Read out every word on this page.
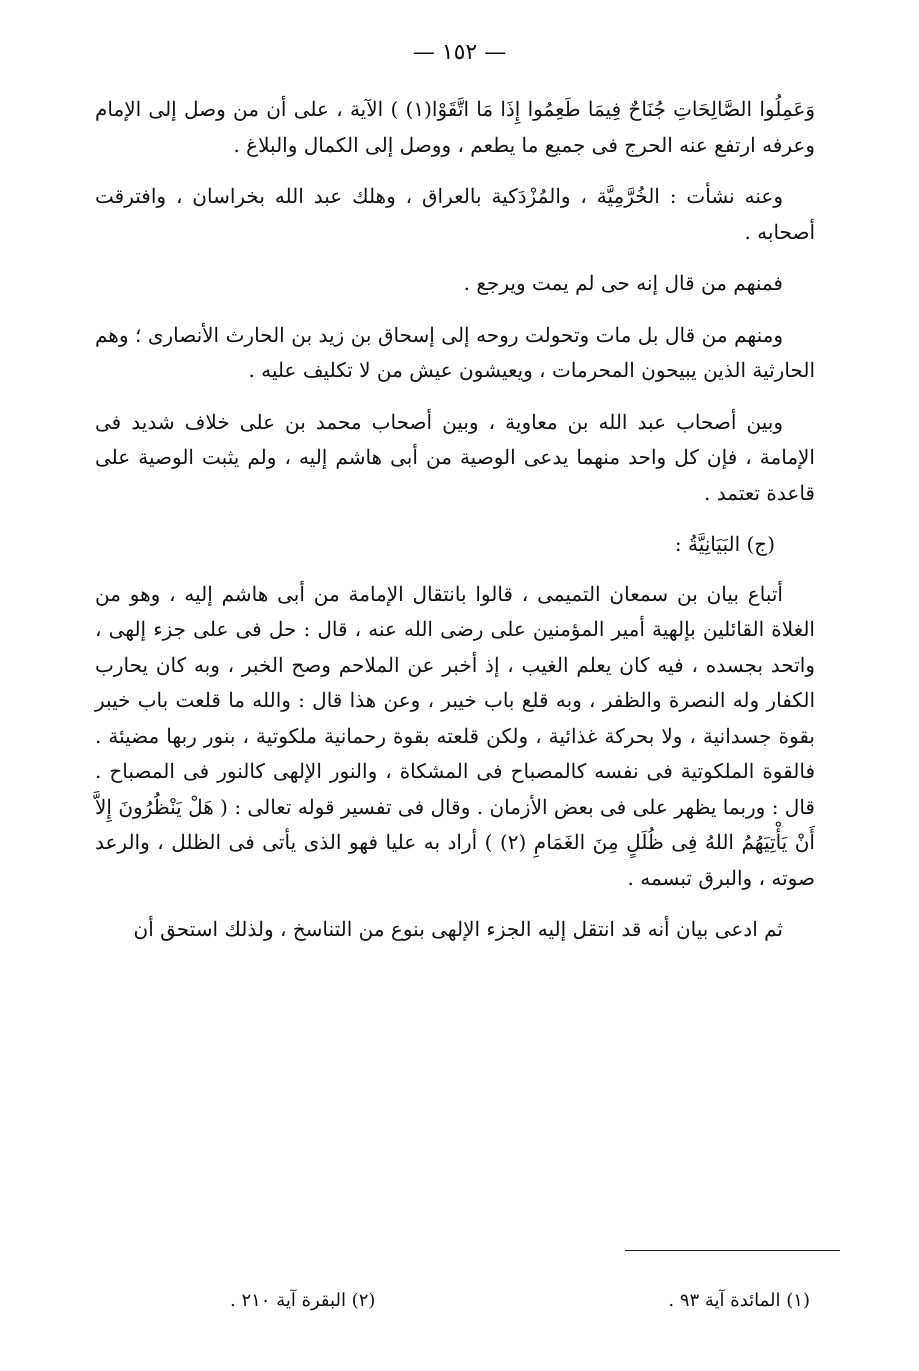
— ١٥٢ —

وَعَمِلُوا الصَّالِحَاتِ جُنَاحٌ فِيمَا طَعِمُوا إِذَا مَا اتَّقَوْا(١) ) الآية ، على أن من وصل إلى الإمام وعرفه ارتفع عنه الحرج فى جميع ما يطعم ، ووصل إلى الكمال والبلاغ .

وعنه نشأت : الخُرَّمِيَّة ، والمُزْدَكية بالعراق ، وهلك عبد الله بخراسان ، وافترقت أصحابه .

فمنهم من قال إنه حى لم يمت ويرجع .

ومنهم من قال بل مات وتحولت روحه إلى إسحاق بن زيد بن الحارث الأنصارى ؛ وهم الحارثية الذين يبيحون المحرمات ، ويعيشون عيش من لا تكليف عليه .

وبين أصحاب عبد الله بن معاوية ، وبين أصحاب محمد بن على خلاف شديد فى الإمامة ، فإن كل واحد منهما يدعى الوصية من أبى هاشم إليه ، ولم يثبت الوصية على قاعدة تعتمد .

(ج) البَيَانِيَّةُ :

أتباع بيان بن سمعان التميمى ، قالوا بانتقال الإمامة من أبى هاشم إليه ، وهو من الغلاة القائلين بإلهية أمير المؤمنين على رضى الله عنه ، قال : حل فى على جزء إلهى ، واتحد بجسده ، فيه كان يعلم الغيب ، إذ أخبر عن الملاحم وصح الخبر ، وبه كان يحارب الكفار وله النصرة والظفر ، وبه قلع باب خيبر ، وعن هذا قال : والله ما قلعت باب خيبر بقوة جسدانية ، ولا بحركة غذائية ، ولكن قلعته بقوة رحمانية ملكوتية ، بنور ربها مضيئة . فالقوة الملكوتية فى نفسه كالمصباح فى المشكاة ، والنور الإلهى كالنور فى المصباح . قال : وربما يظهر على فى بعض الأزمان . وقال فى تفسير قوله تعالى : ( هَلْ يَنْظُرُونَ إِلاَّ أَنْ يَأْتِيَهُمُ اللهُ فِى ظُلَلٍ مِنَ الغَمَامِ (٢) ) أراد به عليا فهو الذى يأتى فى الظلل ، والرعد صوته ، والبرق تبسمه .

ثم ادعى بيان أنه قد انتقل إليه الجزء الإلهى بنوع من التناسخ ، ولذلك استحق أن

(١) المائدة آية ٩٣ .
(٢) البقرة آية ٢١٠ .
